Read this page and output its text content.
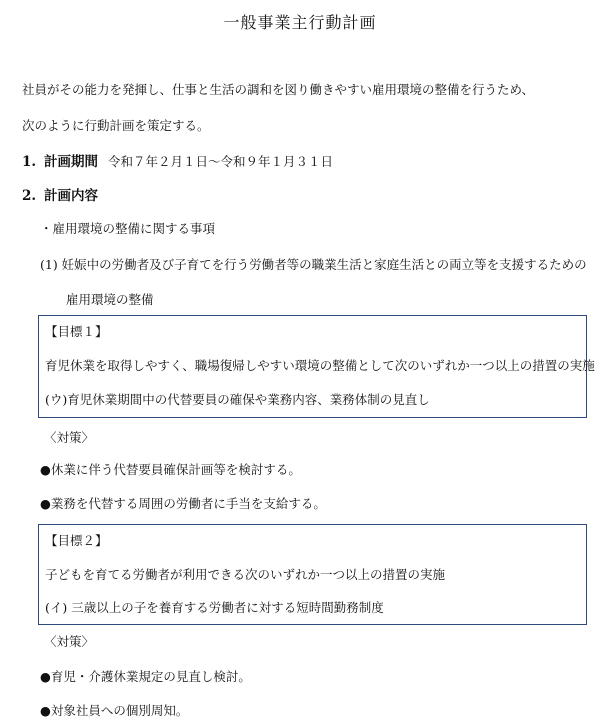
一般事業主行動計画
社員がその能力を発揮し、仕事と生活の調和を図り働きやすい雇用環境の整備を行うため、
次のように行動計画を策定する。
1. 計画期間 令和７年２月１日～令和９年１月３１日
2. 計画内容
・雇用環境の整備に関する事項
(1) 妊娠中の労働者及び子育てを行う労働者等の職業生活と家庭生活との両立等を支援するための
雇用環境の整備
【目標１】
育児休業を取得しやすく、職場復帰しやすい環境の整備として次のいずれか一つ以上の措置の実施
(ウ)育児休業期間中の代替要員の確保や業務内容、業務体制の見直し
〈対策〉
●休業に伴う代替要員確保計画等を検討する。
●業務を代替する周囲の労働者に手当を支給する。
【目標２】
子どもを育てる労働者が利用できる次のいずれか一つ以上の措置の実施
(イ) 三歳以上の子を養育する労働者に対する短時間勤務制度
〈対策〉
●育児・介護休業規定の見直し検討。
●対象社員への個別周知。
